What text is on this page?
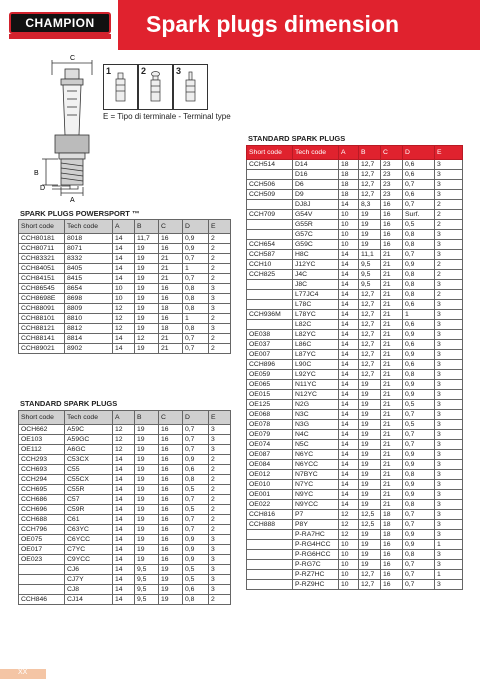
CHAMPION	Spark plugs dimension
C
B
D
A
1	2	3
E = Tipo di terminale - Terminal type
STANDARD SPARK PLUGS
Short code	Tech code	A	B	C	D	E
CCH514	D14	18	12,7	23	0,6	3
	D16	18	12,7	23	0,6	3
CCH506	D6	18	12,7	23	0,7	3
CCH509	D9	18	12,7	23	0,6	3
	DJ8J	14	8,3	16	0,7	2
CCH709	G54V	10	19	16	Surf.	2
	G55R	10	19	16	0,5	2
	G57C	10	19	16	0,8	3
CCH654	G59C	10	19	16	0,8	3
CCH587	H8C	14	11,1	21	0,7	3
CCH10	J12YC	14	9,5	21	0,9	2
CCH825	J4C	14	9,5	21	0,8	2
	J8C	14	9,5	21	0,8	3
	L77JC4	14	12,7	21	0,8	2
	L78C	14	12,7	21	0,6	3
CCH936M	L78YC	14	12,7	21	1	3
	L82C	14	12,7	21	0,6	3
OE038	L82YC	14	12,7	21	0,9	3
OE037	L86C	14	12,7	21	0,6	3
OE007	L87YC	14	12,7	21	0,9	3
CCH896	L90C	14	12,7	21	0,6	3
OE059	L92YC	14	12,7	21	0,8	3
OE065	N11YC	14	19	21	0,9	3
OE015	N12YC	14	19	21	0,9	3
OE125	N2G	14	19	21	0,5	3
OE068	N3C	14	19	21	0,7	3
OE078	N3G	14	19	21	0,5	3
OE079	N4C	14	19	21	0,7	3
OE074	N5C	14	19	21	0,7	3
OE087	N6YC	14	19	21	0,9	3
OE084	N6YCC	14	19	21	0,9	3
OE012	N7BYC	14	19	21	0,8	3
OE010	N7YC	14	19	21	0,9	3
OE001	N9YC	14	19	21	0,9	3
OE022	N9YCC	14	19	21	0,8	3
CCH816	P7	12	12,5	18	0,7	3
CCH888	P8Y	12	12,5	18	0,7	3
	P-RA7HC	12	19	18	0,9	3
	P-RG4HCC	10	19	16	0,9	1
	P-RG6HCC	10	19	16	0,8	3
	P-RG7C	10	19	16	0,7	3
	P-RZ7HC	10	12,7	16	0,7	1
	P-RZ9HC	10	12,7	16	0,7	3
SPARK PLUGS POWERSPORT ™
Short code	Tech code	A	B	C	D	E
CCH80181	8018	14	11,7	16	0,9	2
CCH80711	8071	14	19	16	0,9	2
CCH83321	8332	14	19	21	0,7	2
CCH84051	8405	14	19	21	1	2
CCH84151	8415	14	19	21	0,7	2
CCH86545	8654	10	19	16	0,8	3
CCH8698E	8698	10	19	16	0,8	3
CCH88091	8809	12	19	18	0,8	3
CCH88101	8810	12	19	16	1	2
CCH88121	8812	12	19	18	0,8	3
CCH88141	8814	14	12	21	0,7	2
CCH89021	8902	14	19	21	0,7	2
STANDARD SPARK PLUGS
Short code	Tech code	A	B	C	D	E
OCH662	A59C	12	19	16	0,7	3
OE103	A59GC	12	19	16	0,7	3
OE112	A6GC	12	19	16	0,7	3
CCH293	C53CX	14	19	16	0,9	2
CCH693	C55	14	19	16	0,6	2
CCH294	C55CX	14	19	16	0,8	2
CCH695	C55R	14	19	16	0,5	2
CCH686	C57	14	19	16	0,7	2
CCH696	C59R	14	19	16	0,5	2
CCH688	C61	14	19	16	0,7	2
CCH796	C63YC	14	19	16	0,7	2
OE075	C6YCC	14	19	16	0,9	3
OE017	C7YC	14	19	16	0,9	3
OE023	C9YCC	14	19	16	0,9	3
	CJ6	14	9,5	19	0,5	3
	CJ7Y	14	9,5	19	0,5	3
	CJ8	14	9,5	19	0,6	3
CCH846	CJ14	14	9,5	19	0,8	2
XX
